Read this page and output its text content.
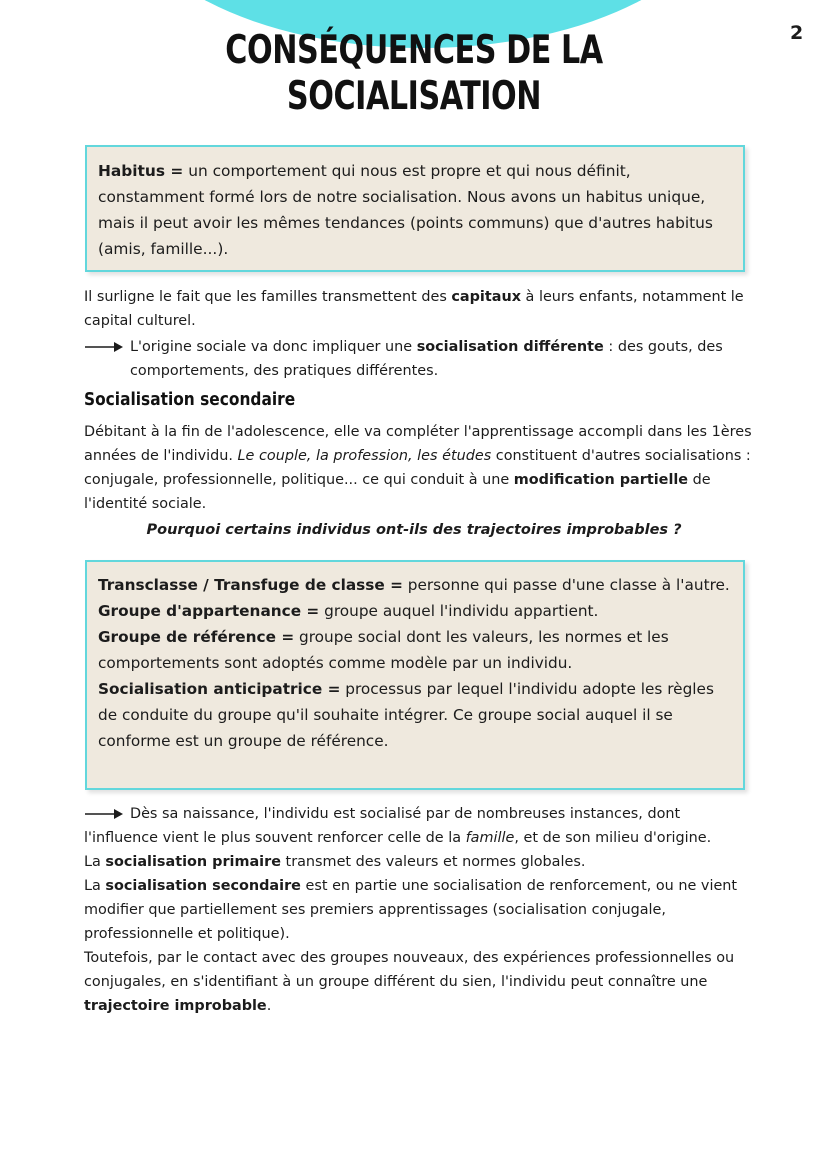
2
CONSÉQUENCES DE LA
SOCIALISATION

Habitus = un comportement qui nous est propre et qui nous définit, constamment formé lors de notre socialisation. Nous avons un habitus unique, mais il peut avoir les mêmes tendances (points communs) que d'autres habitus (amis, famille...).

Il surligne le fait que les familles transmettent des capitaux à leurs enfants, notamment le capital culturel.

L'origine sociale va donc impliquer une socialisation différente : des gouts, des comportements, des pratiques différentes.

Socialisation secondaire

Débitant à la fin de l'adolescence, elle va compléter l'apprentissage accompli dans les 1ères années de l'individu. Le couple, la profession, les études constituent d'autres socialisations : conjugale, professionnelle, politique... ce qui conduit à une modification partielle de l'identité sociale.

Pourquoi certains individus ont-ils des trajectoires improbables ?

Transclasse / Transfuge de classe = personne qui passe d'une classe à l'autre.

Groupe d'appartenance = groupe auquel l'individu appartient.

Groupe de référence = groupe social dont les valeurs, les normes et les comportements sont adoptés comme modèle par un individu.

Socialisation anticipatrice = processus par lequel l'individu adopte les règles de conduite du groupe qu'il souhaite intégrer. Ce groupe social auquel il se conforme est un groupe de référence.

Dès sa naissance, l'individu est socialisé par de nombreuses instances, dont l'influence vient le plus souvent renforcer celle de la famille, et de son milieu d'origine.

La socialisation primaire transmet des valeurs et normes globales.

La socialisation secondaire est en partie une socialisation de renforcement, ou ne vient modifier que partiellement ses premiers apprentissages (socialisation conjugale, professionnelle et politique).

Toutefois, par le contact avec des groupes nouveaux, des expériences professionnelles ou conjugales, en s'identifiant à un groupe différent du sien, l'individu peut connaître une trajectoire improbable.
